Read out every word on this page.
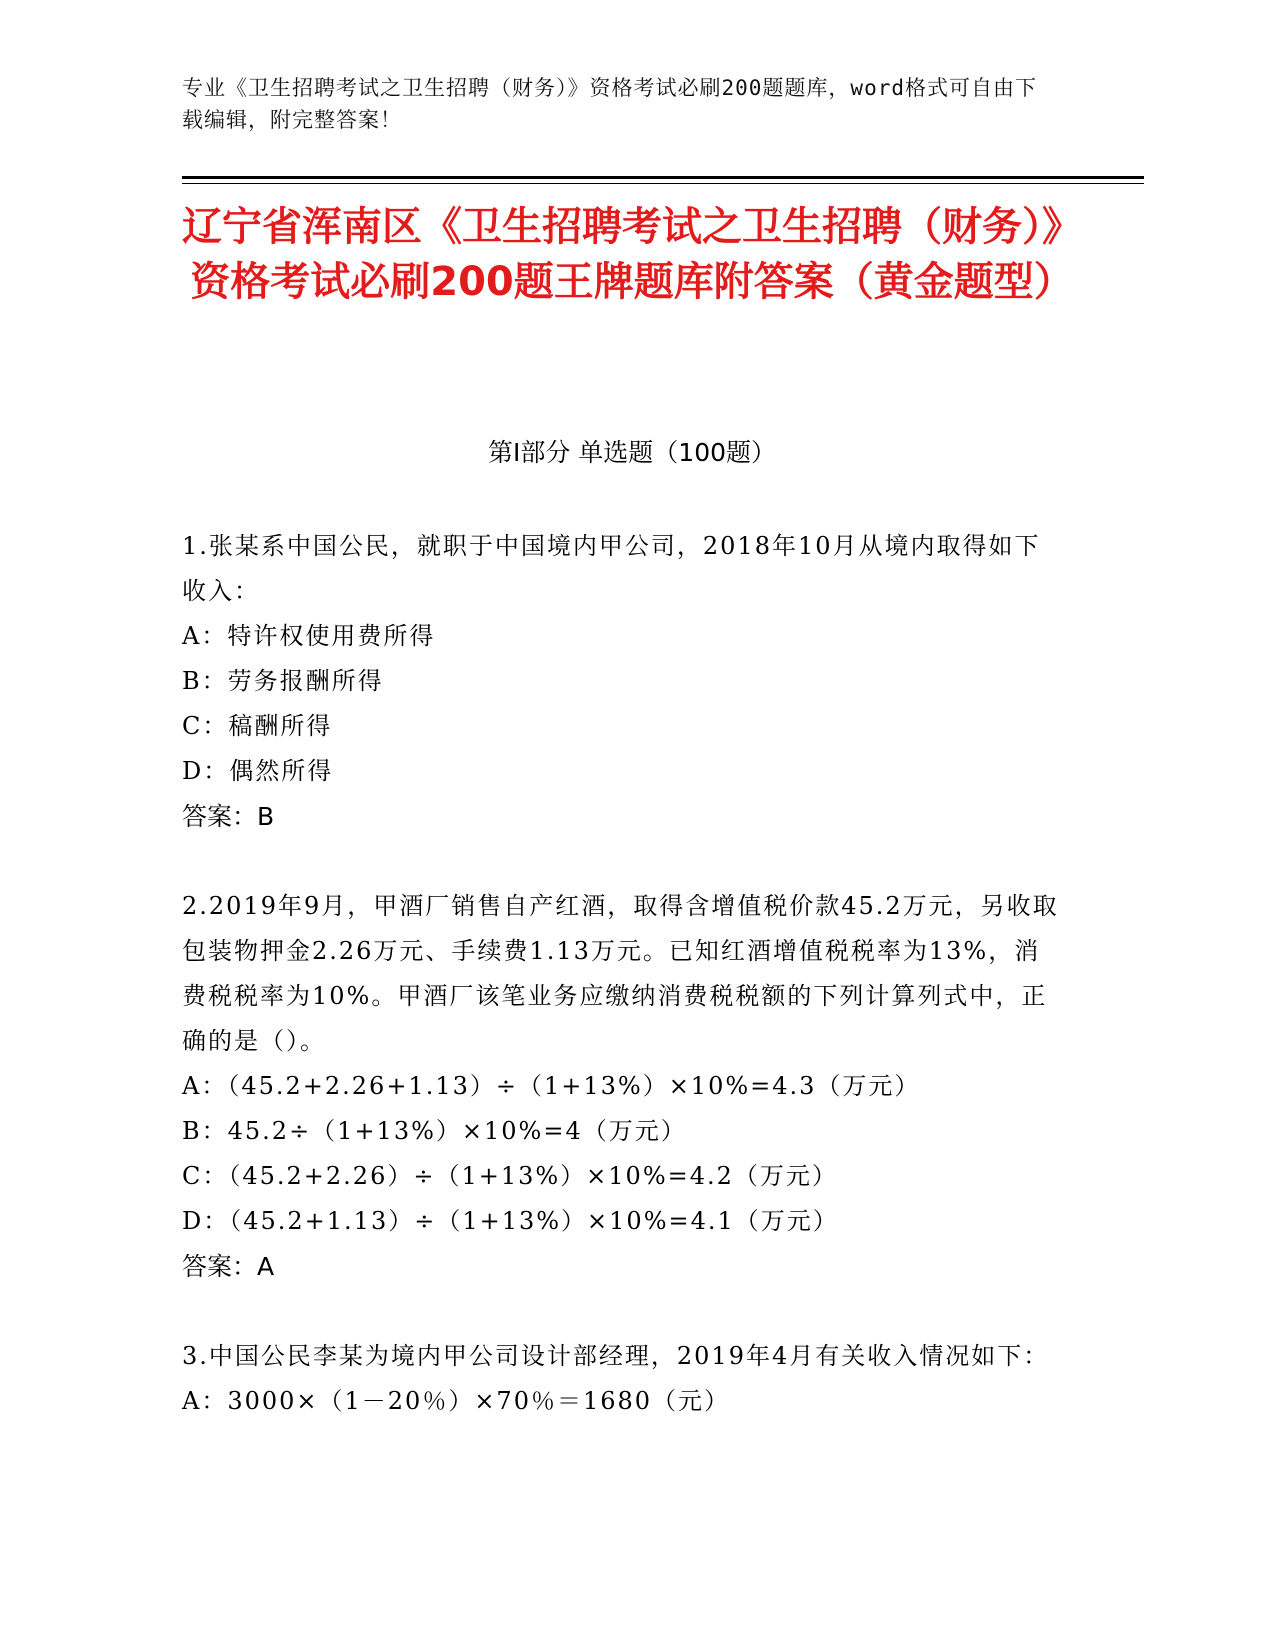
专业《卫生招聘考试之卫生招聘（财务）》资格考试必刷200题题库，word格式可自由下载编辑，附完整答案！
辽宁省浑南区《卫生招聘考试之卫生招聘（财务）》资格考试必刷200题王牌题库附答案（黄金题型）
第Ⅰ部分 单选题（100题）

1.张某系中国公民，就职于中国境内甲公司，2018年10月从境内取得如下收入：

A：特许权使用费所得

B：劳务报酬所得

C：稿酬所得

D：偶然所得

答案：B

2.2019年9月，甲酒厂销售自产红酒，取得含增值税价款45.2万元，另收取包装物押金2.26万元、手续费1.13万元。已知红酒增值税税率为13%，消费税税率为10%。甲酒厂该笔业务应缴纳消费税税额的下列计算列式中，正确的是（）。

A：（45.2+2.26+1.13）÷（1+13%）×10%=4.3（万元）

B：45.2÷（1+13%）×10%=4（万元）

C：（45.2+2.26）÷（1+13%）×10%=4.2（万元）

D：（45.2+1.13）÷（1+13%）×10%=4.1（万元）

答案：A

3.中国公民李某为境内甲公司设计部经理，2019年4月有关收入情况如下：

A：3000×（1－20％）×70％＝1680（元）
